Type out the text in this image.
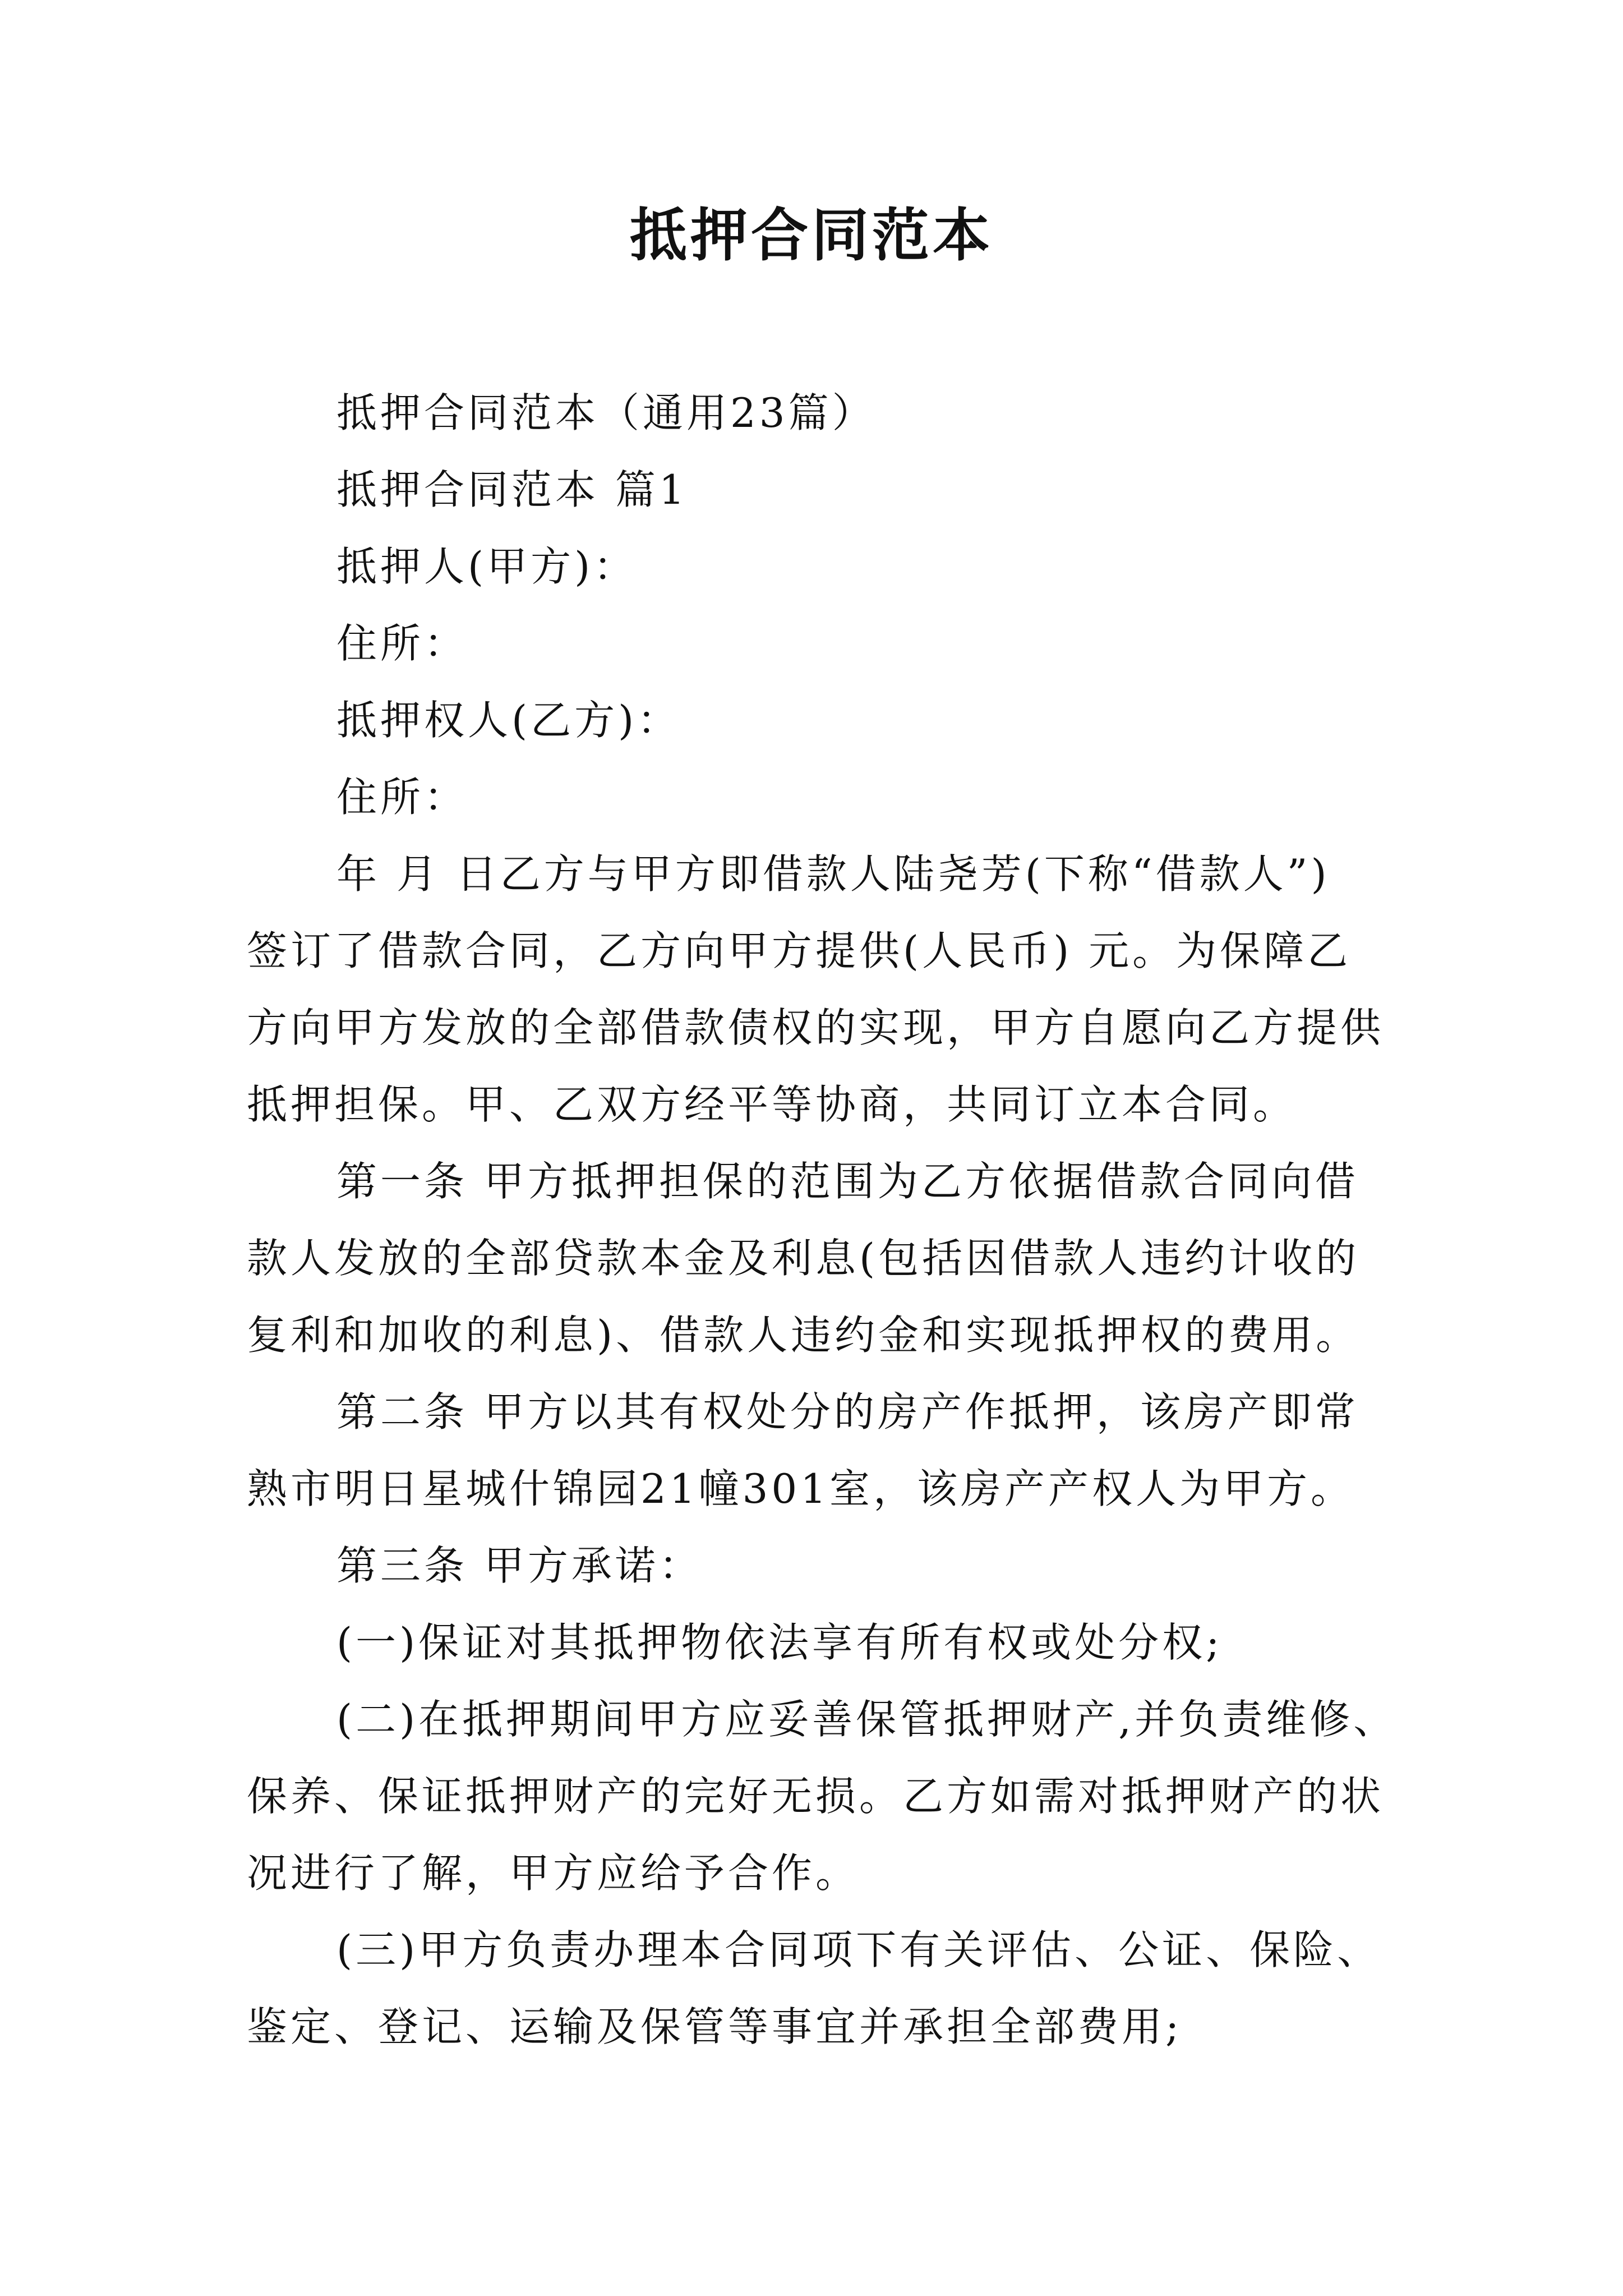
抵押合同范本
抵押合同范本（通用23篇）
抵押合同范本 篇1
抵押人(甲方)：
住所：
抵押权人(乙方)：
住所：
年 月 日乙方与甲方即借款人陆尧芳(下称“借款人”)
签订了借款合同，乙方向甲方提供(人民币) 元。为保障乙
方向甲方发放的全部借款债权的实现，甲方自愿向乙方提供
抵押担保。甲、乙双方经平等协商，共同订立本合同。
第一条 甲方抵押担保的范围为乙方依据借款合同向借
款人发放的全部贷款本金及利息(包括因借款人违约计收的
复利和加收的利息)、借款人违约金和实现抵押权的费用。
第二条 甲方以其有权处分的房产作抵押，该房产即常
熟市明日星城什锦园21幢301室，该房产产权人为甲方。
第三条 甲方承诺：
(一)保证对其抵押物依法享有所有权或处分权;
(二)在抵押期间甲方应妥善保管抵押财产,并负责维修、
保养、保证抵押财产的完好无损。乙方如需对抵押财产的状
况进行了解，甲方应给予合作。
(三)甲方负责办理本合同项下有关评估、公证、保险、
鉴定、登记、运输及保管等事宜并承担全部费用;
